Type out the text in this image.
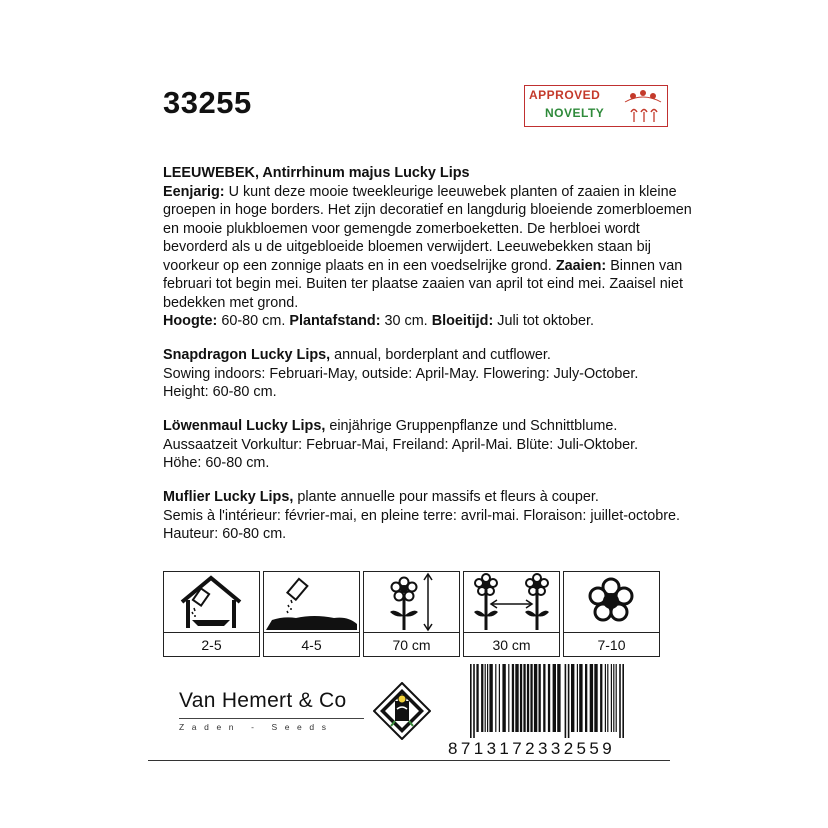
33255	APPROVED
NOVELTY
LEEUWEBEK, Antirrhinum majus Lucky Lips
Eenjarig: U kunt deze mooie tweekleurige leeuwebek planten of zaaien in kleine
groepen in hoge borders. Het zijn decoratief en langdurig bloeiende zomerbloemen
en mooie plukbloemen voor gemengde zomerboeketten. De herbloei wordt
bevorderd als u de uitgebloeide bloemen verwijdert. Leeuwebekken staan bij
voorkeur op een zonnige plaats en in een voedselrijke grond. Zaaien: Binnen van
februari tot begin mei. Buiten ter plaatse zaaien van april tot eind mei. Zaaisel niet
bedekken met grond.
Hoogte: 60-80 cm. Plantafstand: 30 cm. Bloeitijd: Juli tot oktober.
Snapdragon Lucky Lips, annual, borderplant and cutflower.
Sowing indoors: Februari-May, outside: April-May. Flowering: July-October.
Height: 60-80 cm.
Löwenmaul Lucky Lips, einjährige Gruppenpflanze und Schnittblume.
Aussaatzeit Vorkultur: Februar-Mai, Freiland: April-Mai. Blüte: Juli-Oktober.
Höhe: 60-80 cm.
Muflier Lucky Lips, plante annuelle pour massifs et fleurs à couper.
Semis à l'intérieur: février-mai, en pleine terre: avril-mai. Floraison: juillet-octobre.
Hauteur: 60-80 cm.
2-5	4-5	70 cm	30 cm	7-10
Van Hemert & Co
Zaden - Seeds
8713172332559
